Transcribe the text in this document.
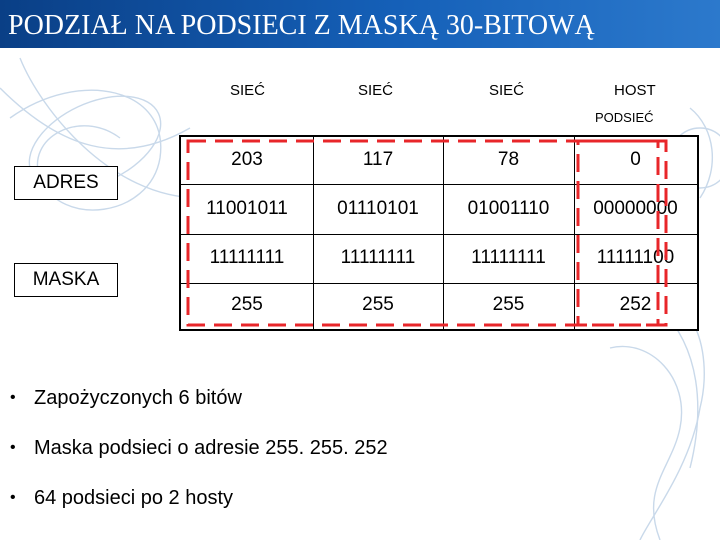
PODZIAŁ NA PODSIECI Z MASKĄ 30-BITOWĄ
SIEĆ	SIEĆ	SIEĆ	HOST
PODSIEĆ
ADRES
MASKA
203	117	78	0
11001011	01110101	01001110	00000000
11111111	11111111	11111111	11111100
255	255	255	252
• Zapożyczonych 6 bitów
• Maska podsieci o adresie 255. 255. 252
• 64 podsieci po 2 hosty
